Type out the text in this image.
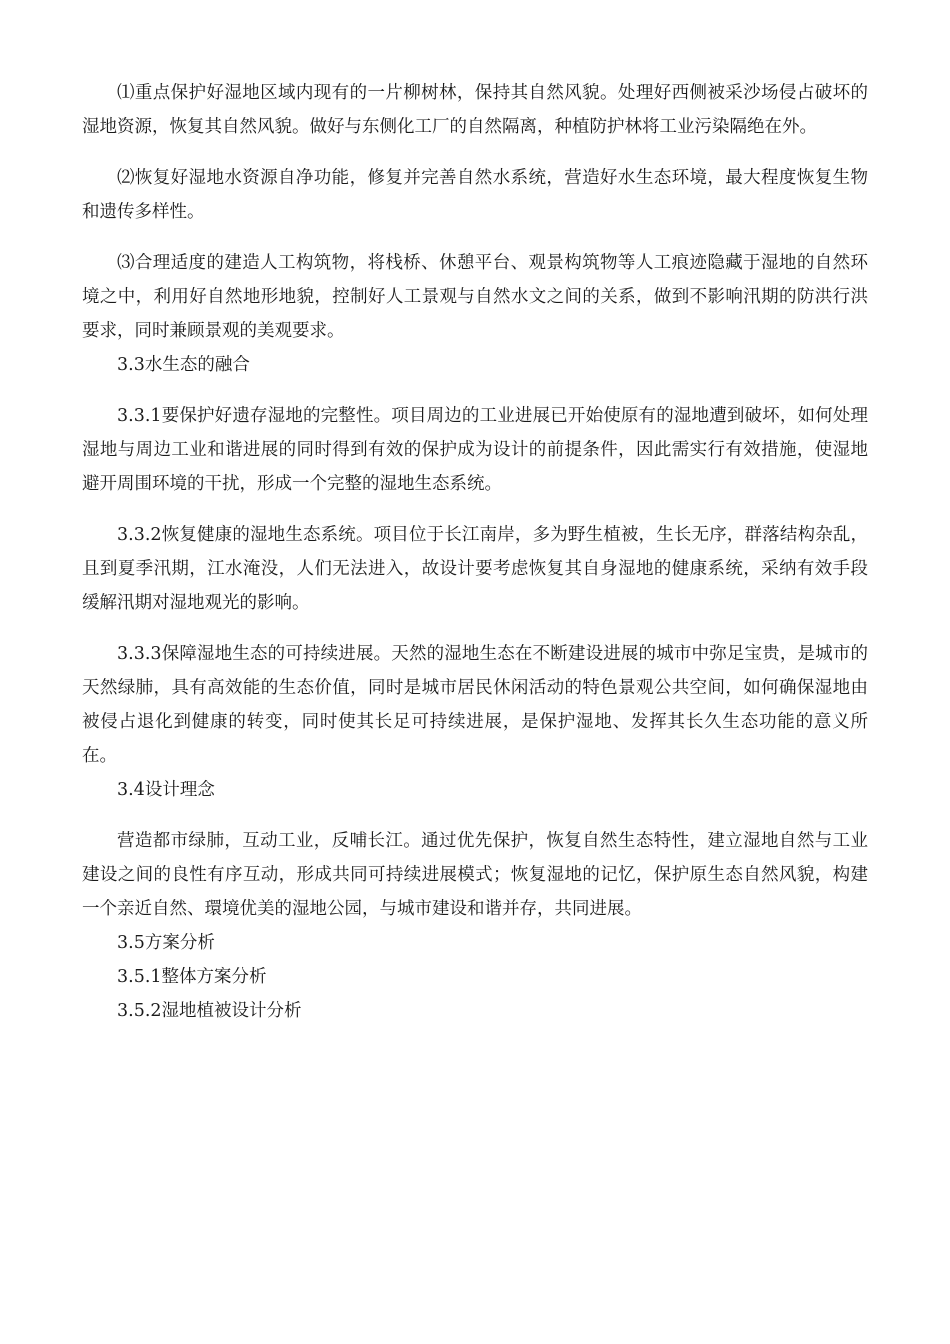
⑴重点保护好湿地区域内现有的一片柳树林，保持其自然风貌。处理好西侧被采沙场侵占破坏的湿地资源，恢复其自然风貌。做好与东侧化工厂的自然隔离，种植防护林将工业污染隔绝在外。

⑵恢复好湿地水资源自净功能，修复并完善自然水系统，营造好水生态环境，最大程度恢复生物和遗传多样性。

⑶合理适度的建造人工构筑物，将栈桥、休憩平台、观景构筑物等人工痕迹隐藏于湿地的自然环境之中，利用好自然地形地貌，控制好人工景观与自然水文之间的关系，做到不影响汛期的防洪行洪要求，同时兼顾景观的美观要求。

3.3水生态的融合

3.3.1要保护好遗存湿地的完整性。项目周边的工业进展已开始使原有的湿地遭到破坏，如何处理湿地与周边工业和谐进展的同时得到有效的保护成为设计的前提条件，因此需实行有效措施，使湿地避开周围环境的干扰，形成一个完整的湿地生态系统。

3.3.2恢复健康的湿地生态系统。项目位于长江南岸，多为野生植被，生长无序，群落结构杂乱，且到夏季汛期，江水淹没，人们无法进入，故设计要考虑恢复其自身湿地的健康系统，采纳有效手段缓解汛期对湿地观光的影响。

3.3.3保障湿地生态的可持续进展。天然的湿地生态在不断建设进展的城市中弥足宝贵，是城市的天然绿肺，具有高效能的生态价值，同时是城市居民休闲活动的特色景观公共空间，如何确保湿地由被侵占退化到健康的转变，同时使其长足可持续进展，是保护湿地、发挥其长久生态功能的意义所在。

3.4设计理念

营造都市绿肺，互动工业，反哺长江。通过优先保护，恢复自然生态特性，建立湿地自然与工业建设之间的良性有序互动，形成共同可持续进展模式；恢复湿地的记忆，保护原生态自然风貌，构建一个亲近自然、環境优美的湿地公园，与城市建设和谐并存，共同进展。

3.5方案分析

3.5.1整体方案分析

3.5.2湿地植被设计分析
